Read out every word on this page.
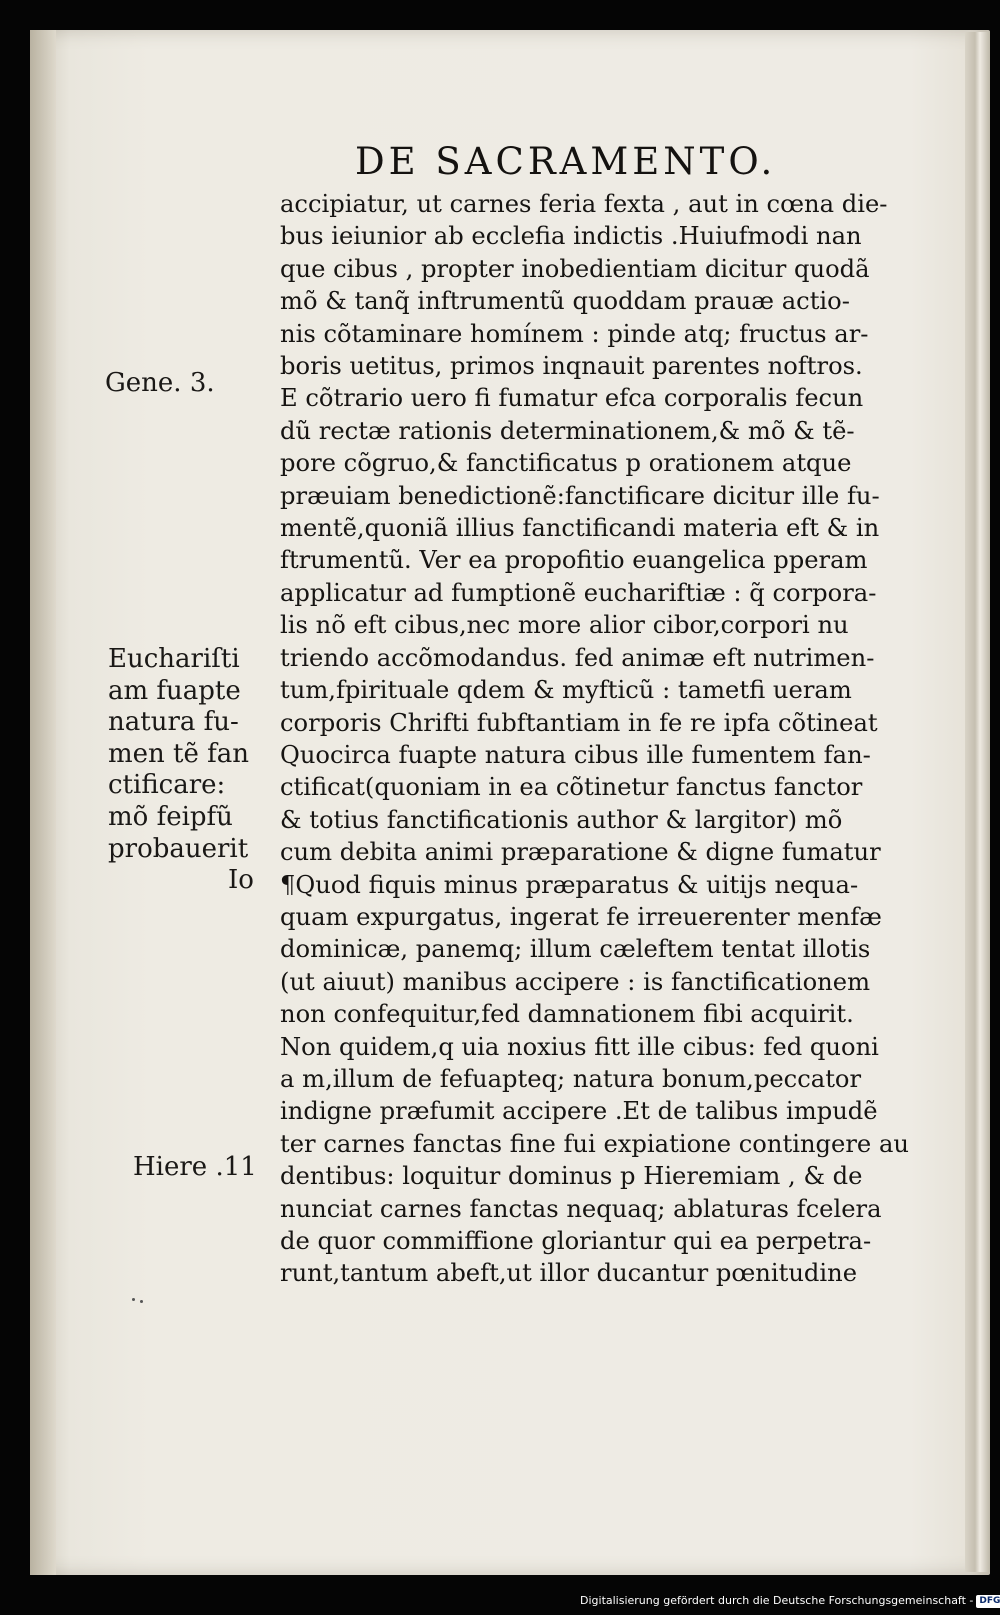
DE SACRAMENTO.
accipiatur, ut carnes feria fexta , aut in cœna die-
bus ieiunior ab ecclefia indictis .Huiufmodi nan
que cibus , propter inobedientiam dicitur quodã
mõ & tanq̃ inftrumentũ quoddam prauæ actio-
nis cõtaminare homínem : pinde atq; fructus ar-
boris uetitus, primos inqnauit parentes noftros.
E cõtrario uero fi fumatur efca corporalis fecun
dũ rectæ rationis determinationem,& mõ & tẽ-
pore cõgruo,& fanctificatus p orationem atque
præuiam benedictionẽ:fanctificare dicitur ille fu-
mentẽ,quoniã illius fanctificandi materia eft & in
ftrumentũ. Ver ea propofitio euangelica pperam
applicatur ad fumptionẽ euchariftiæ : q̃ corpora-
lis nõ eft cibus,nec more alior cibor,corpori nu
triendo accõmodandus. fed animæ eft nutrimen-
tum,fpirituale qdem & myfticũ : tametfi ueram
corporis Chrifti fubftantiam in fe re ipfa cõtineat
Quocirca fuapte natura cibus ille fumentem fan-
ctificat(quoniam in ea cõtinetur fanctus fanctor
& totius fanctificationis author & largitor) mõ
cum debita animi præparatione & digne fumatur
¶Quod fiquis minus præparatus & uitijs nequa-
quam expurgatus, ingerat fe irreuerenter menfæ
dominicæ, panemq; illum cæleftem tentat illotis
(ut aiuut) manibus accipere : is fanctificationem
non confequitur,fed damnationem fibi acquirit.
Non quidem,q uia noxius fitt ille cibus: fed quoni
a m,illum de fefuapteq; natura bonum,peccator
indigne præfumit accipere .Et de talibus impudẽ
ter carnes fanctas fine fui expiatione contingere au
dentibus: loquitur dominus p Hieremiam , & de
nunciat carnes fanctas nequaq; ablaturas fcelera
de quor commiffione gloriantur qui ea perpetra-
runt,tantum abeft,ut illor ducantur pœnitudine

Gene. 3.
Euchariſti
am fuapte
natura fu-
men tẽ fan
ctificare:
mõ feipfũ
probauerit
Io
Hiere .11
Digitalisierung gefördert durch die Deutsche Forschungsgemeinschaft - DFG
